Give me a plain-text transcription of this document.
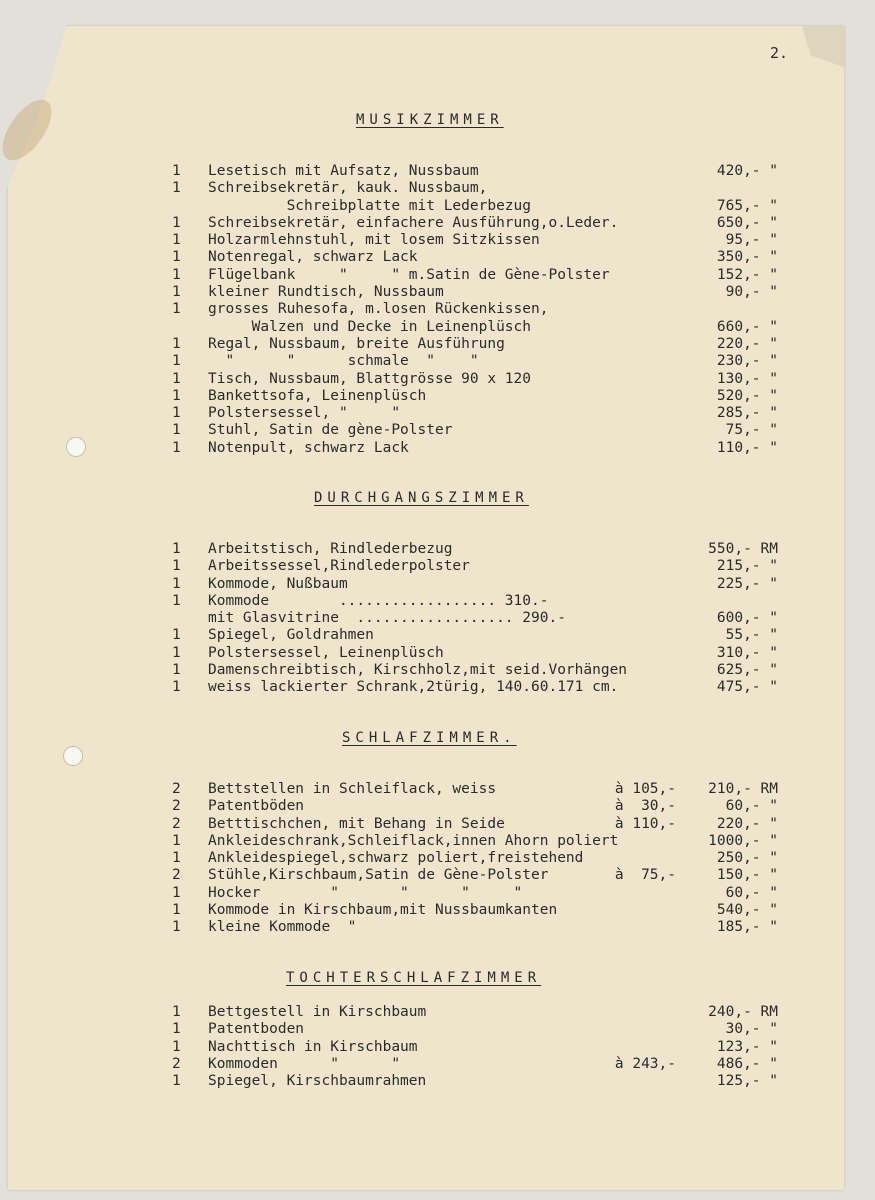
2.
MUSIKZIMMER
1 Lesetisch mit Aufsatz, Nussbaum	420,- "
1 Schreibsekretär, kauk. Nussbaum,
Schreibplatte mit Lederbezug	765,- "
1 Schreibsekretär, einfachere Ausführung,o.Leder.	650,- "
1 Holzarmlehnstuhl, mit losem Sitzkissen	95,- "
1 Notenregal, schwarz Lack	350,- "
1 Flügelbank     "     " m.Satin de Gène-Polster	152,- "
1 kleiner Rundtisch, Nussbaum	90,- "
1 grosses Ruhesofa, m.losen Rückenkissen,
Walzen und Decke in Leinenplüsch	660,- "
1 Regal, Nussbaum, breite Ausführung	220,- "
1 "      "      schmale  "    "	230,- "
1 Tisch, Nussbaum, Blattgrösse 90 x 120	130,- "
1 Bankettsofa, Leinenplüsch	520,- "
1 Polstersessel, "     "	285,- "
1 Stuhl, Satin de gène-Polster	75,- "
1 Notenpult, schwarz Lack	110,- "
DURCHGANGSZIMMER
1 Arbeitstisch, Rindlederbezug	550,- RM
1 Arbeitssessel,Rindlederpolster	215,- "
1 Kommode, Nußbaum	225,- "
1 Kommode        .................. 310.-
mit Glasvitrine  .................. 290.-	600,- "
1 Spiegel, Goldrahmen	55,- "
1 Polstersessel, Leinenplüsch	310,- "
1 Damenschreibtisch, Kirschholz,mit seid.Vorhängen	625,- "
1 weiss lackierter Schrank,2türig, 140.60.171 cm.	475,- "
SCHLAFZIMMER.
2 Bettstellen in Schleiflack, weiss	à 105,- 210,- RM
2 Patentböden	à  30,-	60,- "
2 Betttischchen, mit Behang in Seide	à 110,-	220,- "
1 Ankleideschrank,Schleiflack,innen Ahorn poliert	1000,- "
1 Ankleidespiegel,schwarz poliert,freistehend	250,- "
2 Stühle,Kirschbaum,Satin de Gène-Polster	à  75,-	150,- "
1 Hocker        "       "      "     "	60,- "
1 Kommode in Kirschbaum,mit Nussbaumkanten	540,- "
1 kleine Kommode  "	185,- "
TOCHTERSCHLAFZIMMER
1 Bettgestell in Kirschbaum	240,- RM
1 Patentboden	30,- "
1 Nachttisch in Kirschbaum	123,- "
2 Kommoden      "      "	à 243,-	486,- "
1 Spiegel, Kirschbaumrahmen	125,- "
